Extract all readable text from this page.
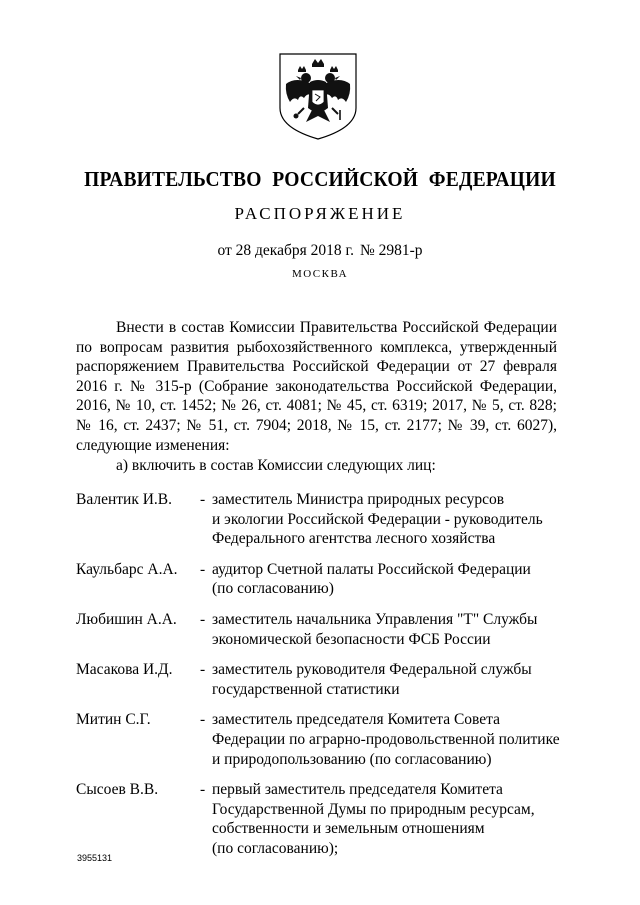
ПРАВИТЕЛЬСТВО РОССИЙСКОЙ ФЕДЕРАЦИИ
РАСПОРЯЖЕНИЕ
от 28 декабря 2018 г. № 2981-р
МОСКВА

Внести в состав Комиссии Правительства Российской Федерации по вопросам развития рыбохозяйственного комплекса, утвержденный распоряжением Правительства Российской Федерации от 27 февраля 2016 г. № 315-р (Собрание законодательства Российской Федерации, 2016, № 10, ст. 1452; № 26, ст. 4081; № 45, ст. 6319; 2017, № 5, ст. 828; № 16, ст. 2437; № 51, ст. 7904; 2018, № 15, ст. 2177; № 39, ст. 6027), следующие изменения:

а) включить в состав Комиссии следующих лиц:
Валентик И.В.	- заместитель Министра природных ресурсов
и экологии Российской Федерации - руководитель
Федерального агентства лесного хозяйства
Каульбарс А.А.	- аудитор Счетной палаты Российской Федерации
(по согласованию)
Любишин А.А.	- заместитель начальника Управления "Т" Службы
экономической безопасности ФСБ России
Масакова И.Д.	- заместитель руководителя Федеральной службы
государственной статистики
Митин С.Г.	- заместитель председателя Комитета Совета
Федерации по аграрно-продовольственной политике
и природопользованию (по согласованию)
Сысоев В.В.	- первый заместитель председателя Комитета
Государственной Думы по природным ресурсам,
собственности и земельным отношениям
(по согласованию);
3955131
